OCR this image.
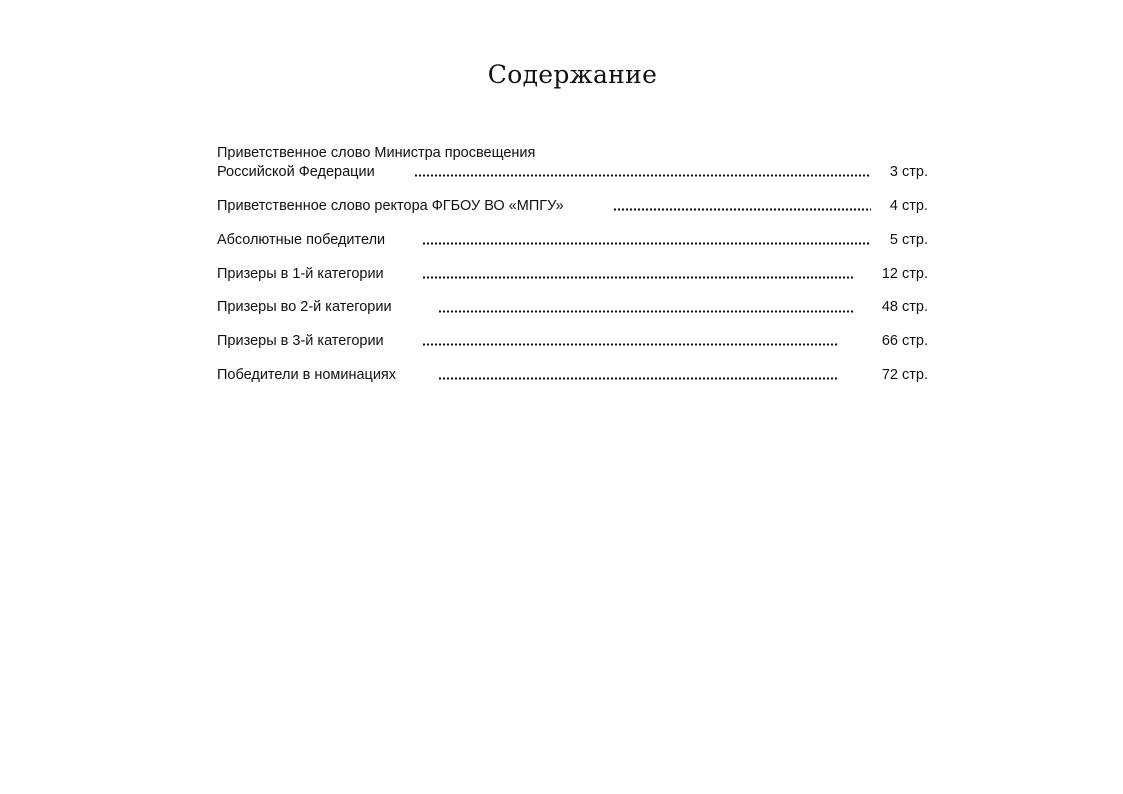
Содержание
Приветственное слово Министра просвещения
Российской Федерации	3 стр.
Приветственное слово ректора ФГБОУ ВО «МПГУ»	4 стр.
Абсолютные победители	5 стр.
Призеры в 1-й категории	12 стр.
Призеры во 2-й категории	48 стр.
Призеры в 3-й категории	66 стр.
Победители в номинациях	72 стр.
